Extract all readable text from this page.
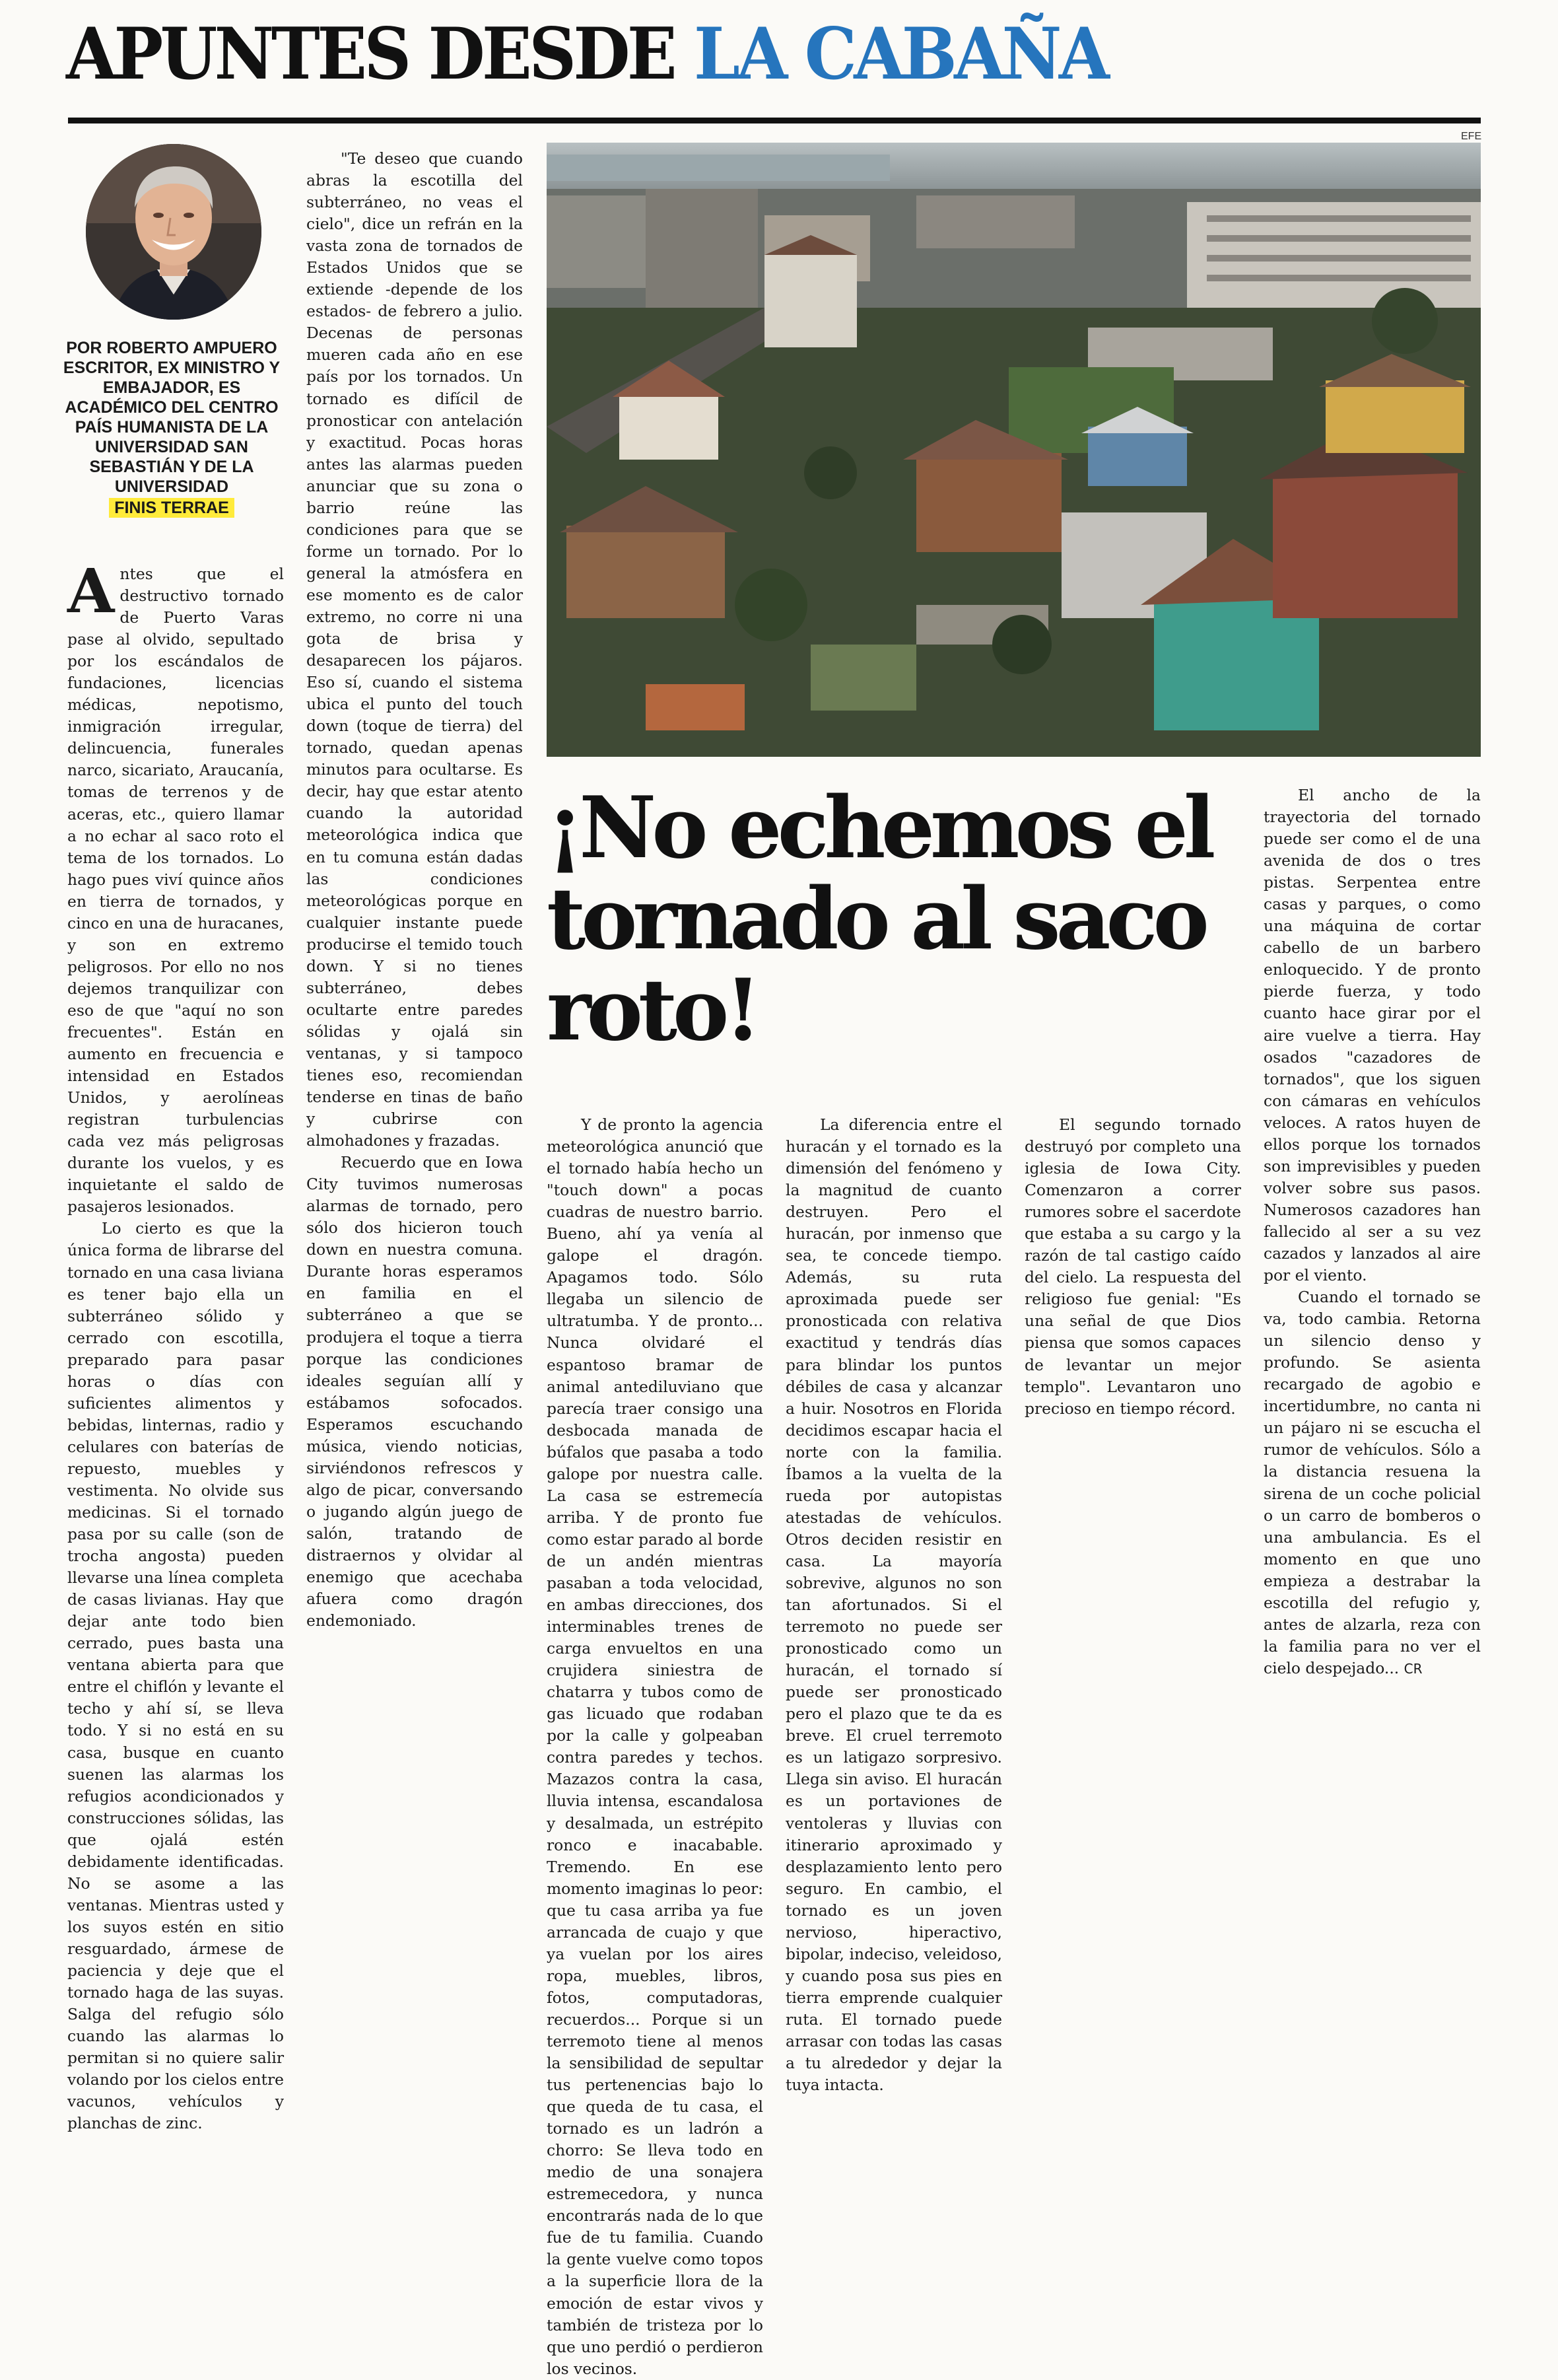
APUNTES DESDE LA CABAÑA
EFE
POR ROBERTO AMPUERO ESCRITOR, EX MINISTRO Y EMBAJADOR, ES ACADÉMICO DEL CENTRO PAÍS HUMANISTA DE LA UNIVERSIDAD SAN SEBASTIÁN Y DE LA UNIVERSIDAD
FINIS TERRAE
¡No echemos el tornado al saco roto!

Antes que el destructivo tornado de Puerto Varas pase al olvido, sepultado por los escándalos de fundaciones, licencias médicas, nepotismo, inmigración irregular, delincuencia, funerales narco, sicariato, Araucanía, tomas de terrenos y de aceras, etc., quiero llamar a no echar al saco roto el tema de los tornados. Lo hago pues viví quince años en tierra de tornados, y cinco en una de huracanes, y son en extremo peligrosos. Por ello no nos dejemos tranquilizar con eso de que "aquí no son frecuentes". Están en aumento en frecuencia e intensidad en Estados Unidos, y aerolíneas registran turbulencias cada vez más peligrosas durante los vuelos, y es inquietante el saldo de pasajeros lesionados.

Lo cierto es que la única forma de librarse del tornado en una casa liviana es tener bajo ella un subterráneo sólido y cerrado con escotilla, preparado para pasar horas o días con suficientes alimentos y bebidas, linternas, radio y celulares con baterías de repuesto, muebles y vestimenta. No olvide sus medicinas. Si el tornado pasa por su calle (son de trocha angosta) pueden llevarse una línea completa de casas livianas. Hay que dejar ante todo bien cerrado, pues basta una ventana abierta para que entre el chiflón y levante el techo y ahí sí, se lleva todo. Y si no está en su casa, busque en cuanto suenen las alarmas los refugios acondicionados y construcciones sólidas, las que ojalá estén debidamente identificadas. No se asome a las ventanas. Mientras usted y los suyos estén en sitio resguardado, ármese de paciencia y deje que el tornado haga de las suyas. Salga del refugio sólo cuando las alarmas lo permitan si no quiere salir volando por los cielos entre vacunos, vehículos y planchas de zinc.

"Te deseo que cuando abras la escotilla del subterráneo, no veas el cielo", dice un refrán en la vasta zona de tornados de Estados Unidos que se extiende -depende de los estados- de febrero a julio. Decenas de personas mueren cada año en ese país por los tornados. Un tornado es difícil de pronosticar con antelación y exactitud. Pocas horas antes las alarmas pueden anunciar que su zona o barrio reúne las condiciones para que se forme un tornado. Por lo general la atmósfera en ese momento es de calor extremo, no corre ni una gota de brisa y desaparecen los pájaros. Eso sí, cuando el sistema ubica el punto del touch down (toque de tierra) del tornado, quedan apenas minutos para ocultarse. Es decir, hay que estar atento cuando la autoridad meteorológica indica que en tu comuna están dadas las condiciones meteorológicas porque en cualquier instante puede producirse el temido touch down. Y si no tienes subterráneo, debes ocultarte entre paredes sólidas y ojalá sin ventanas, y si tampoco tienes eso, recomiendan tenderse en tinas de baño y cubrirse con almohadones y frazadas.

Recuerdo que en Iowa City tuvimos numerosas alarmas de tornado, pero sólo dos hicieron touch down en nuestra comuna. Durante horas esperamos en familia en el subterráneo a que se produjera el toque a tierra porque las condiciones ideales seguían allí y estábamos sofocados. Esperamos escuchando música, viendo noticias, sirviéndonos refrescos y algo de picar, conversando o jugando algún juego de salón, tratando de distraernos y olvidar al enemigo que acechaba afuera como dragón endemoniado.

Y de pronto la agencia meteorológica anunció que el tornado había hecho un "touch down" a pocas cuadras de nuestro barrio. Bueno, ahí ya venía al galope el dragón. Apagamos todo. Sólo llegaba un silencio de ultratumba. Y de pronto... Nunca olvidaré el espantoso bramar de animal antediluviano que parecía traer consigo una desbocada manada de búfalos que pasaba a todo galope por nuestra calle. La casa se estremecía arriba. Y de pronto fue como estar parado al borde de un andén mientras pasaban a toda velocidad, en ambas direcciones, dos interminables trenes de carga envueltos en una crujidera siniestra de chatarra y tubos como de gas licuado que rodaban por la calle y golpeaban contra paredes y techos. Mazazos contra la casa, lluvia intensa, escandalosa y desalmada, un estrépito ronco e inacabable. Tremendo. En ese momento imaginas lo peor: que tu casa arriba ya fue arrancada de cuajo y que ya vuelan por los aires ropa, muebles, libros, fotos, computadoras, recuerdos... Porque si un terremoto tiene al menos la sensibilidad de sepultar tus pertenencias bajo lo que queda de tu casa, el tornado es un ladrón a chorro: Se lleva todo en medio de una sonajera estremecedora, y nunca encontrarás nada de lo que fue de tu familia. Cuando la gente vuelve como topos a la superficie llora de la emoción de estar vivos y también de tristeza por lo que uno perdió o perdieron los vecinos.

La diferencia entre el huracán y el tornado es la dimensión del fenómeno y la magnitud de cuanto destruyen. Pero el huracán, por inmenso que sea, te concede tiempo. Además, su ruta aproximada puede ser pronosticada con relativa exactitud y tendrás días para blindar los puntos débiles de casa y alcanzar a huir. Nosotros en Florida decidimos escapar hacia el norte con la familia. Íbamos a la vuelta de la rueda por autopistas atestadas de vehículos. Otros deciden resistir en casa. La mayoría sobrevive, algunos no son tan afortunados. Si el terremoto no puede ser pronosticado como un huracán, el tornado sí puede ser pronosticado pero el plazo que te da es breve. El cruel terremoto es un latigazo sorpresivo. Llega sin aviso. El huracán es un portaviones de ventoleras y lluvias con itinerario aproximado y desplazamiento lento pero seguro. En cambio, el tornado es un joven nervioso, hiperactivo, bipolar, indeciso, veleidoso, y cuando posa sus pies en tierra emprende cualquier ruta. El tornado puede arrasar con todas las casas a tu alrededor y dejar la tuya intacta.

El segundo tornado destruyó por completo una iglesia de Iowa City. Comenzaron a correr rumores sobre el sacerdote que estaba a su cargo y la razón de tal castigo caído del cielo. La respuesta del religioso fue genial: "Es una señal de que Dios piensa que somos capaces de levantar un mejor templo". Levantaron uno precioso en tiempo récord.

El ancho de la trayectoria del tornado puede ser como el de una avenida de dos o tres pistas. Serpentea entre casas y parques, o como una máquina de cortar cabello de un barbero enloquecido. Y de pronto pierde fuerza, y todo cuanto hace girar por el aire vuelve a tierra. Hay osados "cazadores de tornados", que los siguen con cámaras en vehículos veloces. A ratos huyen de ellos porque los tornados son imprevisibles y pueden volver sobre sus pasos. Numerosos cazadores han fallecido al ser a su vez cazados y lanzados al aire por el viento.

Cuando el tornado se va, todo cambia. Retorna un silencio denso y profundo. Se asienta recargado de agobio e incertidumbre, no canta ni un pájaro ni se escucha el rumor de vehículos. Sólo a la distancia resuena la sirena de un coche policial o un carro de bomberos o una ambulancia. Es el momento en que uno empieza a destrabar la escotilla del refugio y, antes de alzarla, reza con la familia para no ver el cielo despejado... CR
